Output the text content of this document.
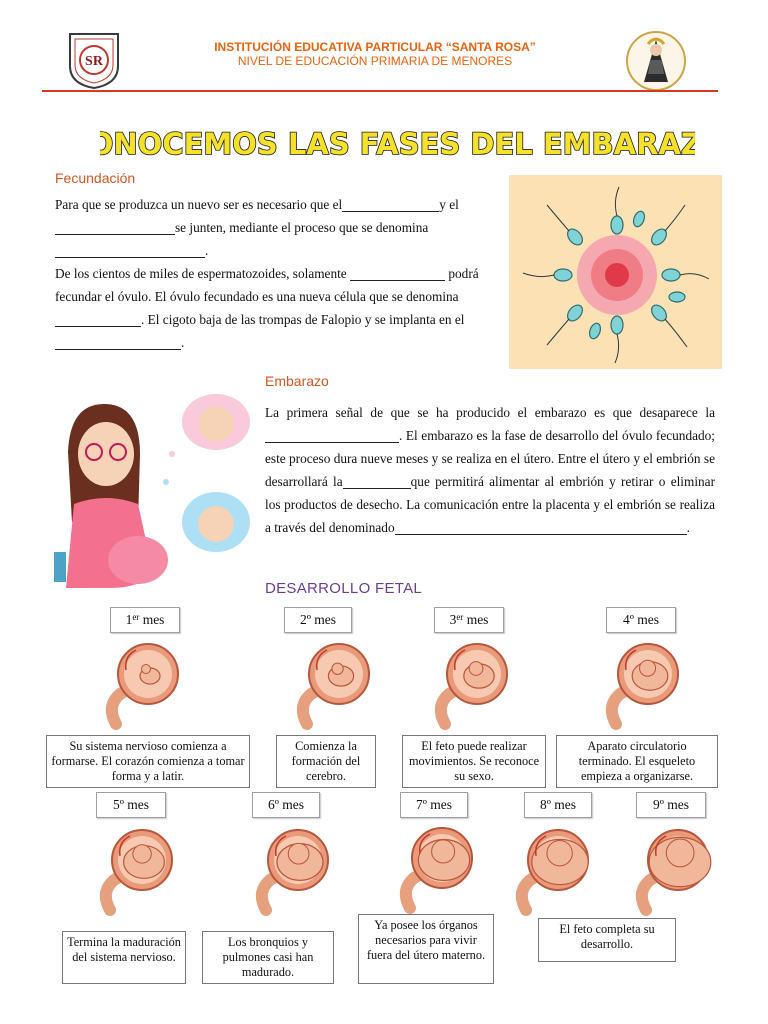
SR
INSTITUCIÓN EDUCATIVA PARTICULAR “SANTA ROSA”
NIVEL DE EDUCACIÓN PRIMARIA DE MENORES
CONOCEMOS LAS FASES DEL EMBARAZO
Fecundación
Para que se produzca un nuevo ser es necesario que el	y else junten, mediante el proceso que se denomina.
De los cientos de miles de espermatozoides, solamente	podrá fecundar el óvulo. El óvulo fecundado es una nueva célula que se denomina. El cigoto baja de las trompas de Falopio y se implanta en el.
Embarazo
La primera señal de que se ha producido el embarazo es que desaparece la. El embarazo es la fase de desarrollo del óvulo fecundado; este proceso dura nueve meses y se realiza en el útero. Entre el útero y el embrión se desarrollará la	que permitirá alimentar al embrión y retirar o eliminar los productos de desecho. La comunicación entre la placenta y el embrión se realiza a través del denominado	.
DESARROLLO FETAL
1er mes
Su sistema nervioso comienza a formarse. El corazón comienza a tomar forma y a latir.
2º mes
Comienza la formación del cerebro.
3er mes
El feto puede realizar movimientos. Se reconoce su sexo.
4º mes
Aparato circulatorio terminado. El esqueleto empieza a organizarse.
5º mes
Termina la maduración del sistema nervioso.
6º mes
Los bronquios y pulmones casi han madurado.
7º mes
Ya posee los órganos necesarios para vivir fuera del útero materno.
8º mes	9º mes
El feto completa su desarrollo.
